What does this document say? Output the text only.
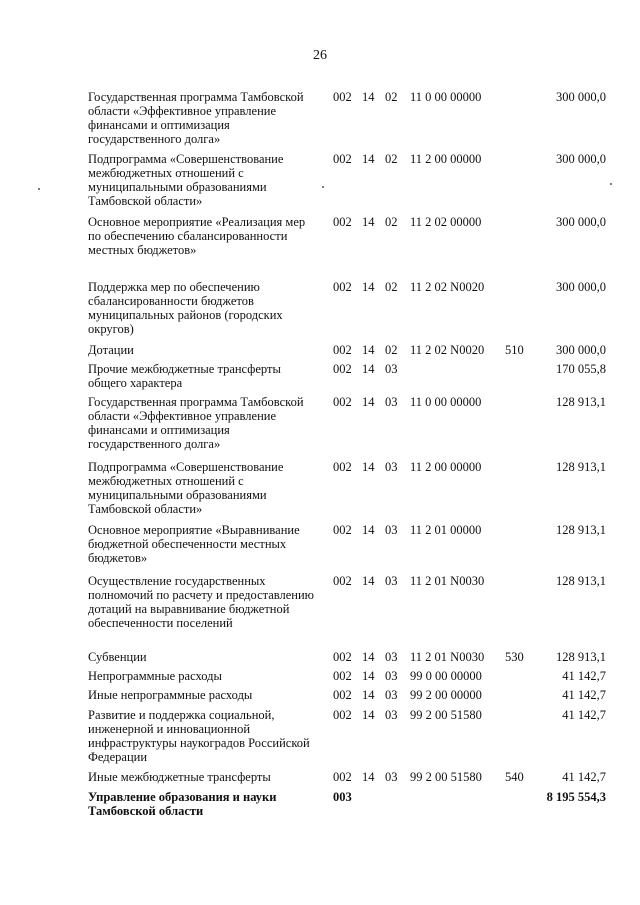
26
Государственная программа Тамбовской области «Эффективное управление финансами и оптимизация государственного долга»
002 14 02 11 0 00 00000	300 000,0
Подпрограмма «Совершенствование межбюджетных отношений с муниципальными образованиями Тамбовской области»
002 14 02 11 2 00 00000	300 000,0
Основное мероприятие «Реализация мер по обеспечению сбалансированности местных бюджетов»
002 14 02 11 2 02 00000	300 000,0
Поддержка мер по обеспечению сбалансированности бюджетов муниципальных районов (городских округов)
002 14 02 11 2 02 N0020	300 000,0
Дотации	002 14 02 11 2 02 N0020 510	300 000,0
Прочие межбюджетные трансферты общего характера
002 14 03	170 055,8
Государственная программа Тамбовской области «Эффективное управление финансами и оптимизация государственного долга»
002 14 03 11 0 00 00000	128 913,1
Подпрограмма «Совершенствование межбюджетных отношений с муниципальными образованиями Тамбовской области»
002 14 03 11 2 00 00000	128 913,1
Основное мероприятие «Выравнивание бюджетной обеспеченности местных бюджетов»
002 14 03 11 2 01 00000	128 913,1
Осуществление государственных полномочий по расчету и предоставлению дотаций на выравнивание бюджетной обеспеченности поселений
002 14 03 11 2 01 N0030	128 913,1
Субвенции	002 14 03 11 2 01 N0030 530	128 913,1
Непрограммные расходы	002 14 03 99 0 00 00000	41 142,7
Иные непрограммные расходы	002 14 03 99 2 00 00000	41 142,7
Развитие и поддержка социальной, инженерной и инновационной инфраструктуры наукоградов Российской Федерации
002 14 03 99 2 00 51580	41 142,7
Иные межбюджетные трансферты	002 14 03 99 2 00 51580 540	41 142,7
Управление образования и науки Тамбовской области
003	8 195 554,3
